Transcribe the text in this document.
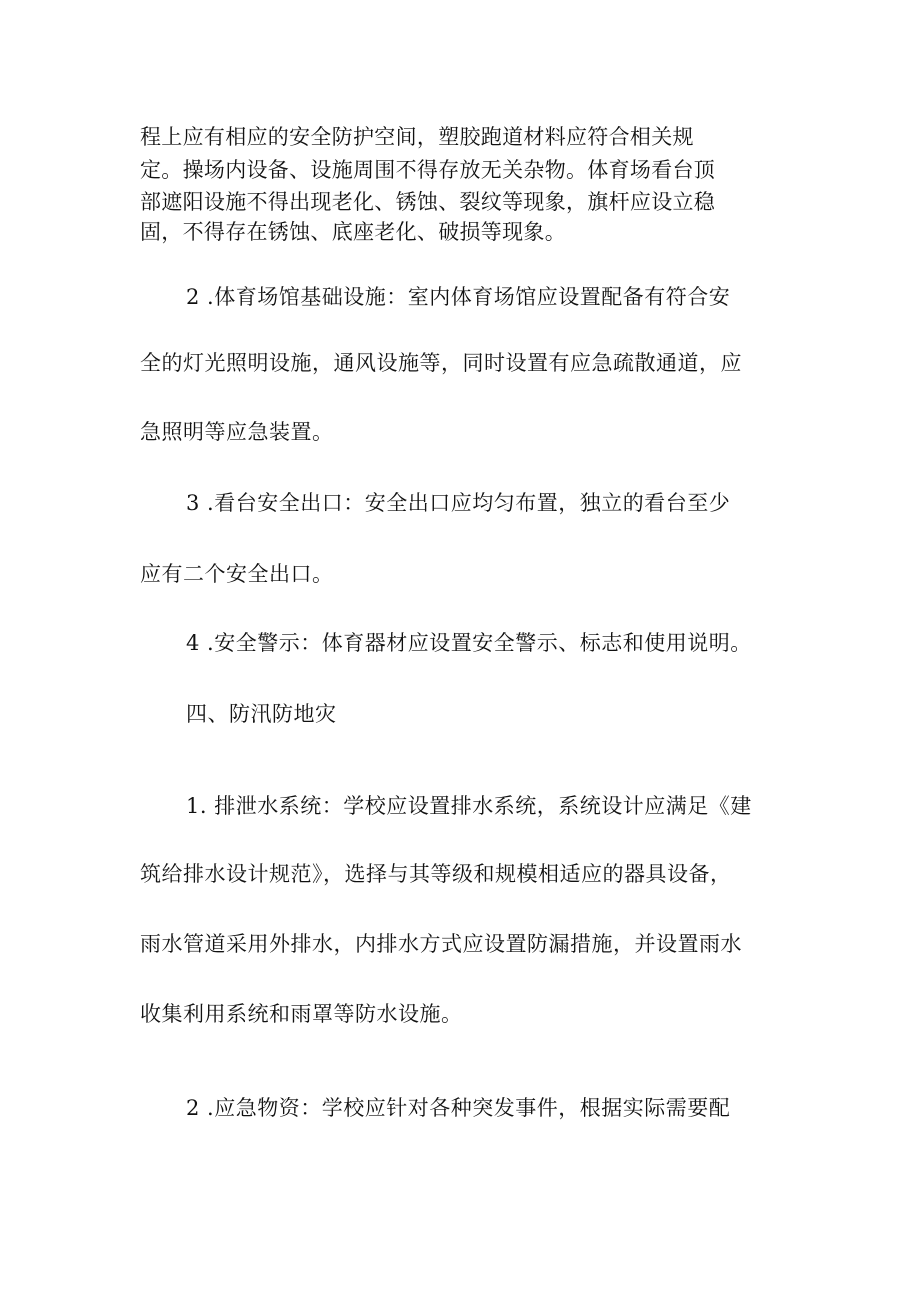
程上应有相应的安全防护空间，塑胶跑道材料应符合相关规
定。操场内设备、设施周围不得存放无关杂物。体育场看台顶
部遮阳设施不得出现老化、锈蚀、裂纹等现象，旗杆应设立稳
固，不得存在锈蚀、底座老化、破损等现象。
2 .体育场馆基础设施：室内体育场馆应设置配备有符合安
全的灯光照明设施，通风设施等，同时设置有应急疏散通道，应
急照明等应急装置。
3 .看台安全出口：安全出口应均匀布置，独立的看台至少
应有二个安全出口。
4 .安全警示：体育器材应设置安全警示、标志和使用说明。
四、防汛防地灾
1. 排泄水系统：学校应设置排水系统，系统设计应满足《建
筑给排水设计规范》，选择与其等级和规模相适应的器具设备，
雨水管道采用外排水，内排水方式应设置防漏措施，并设置雨水
收集利用系统和雨罩等防水设施。
2 .应急物资：学校应针对各种突发事件，根据实际需要配
